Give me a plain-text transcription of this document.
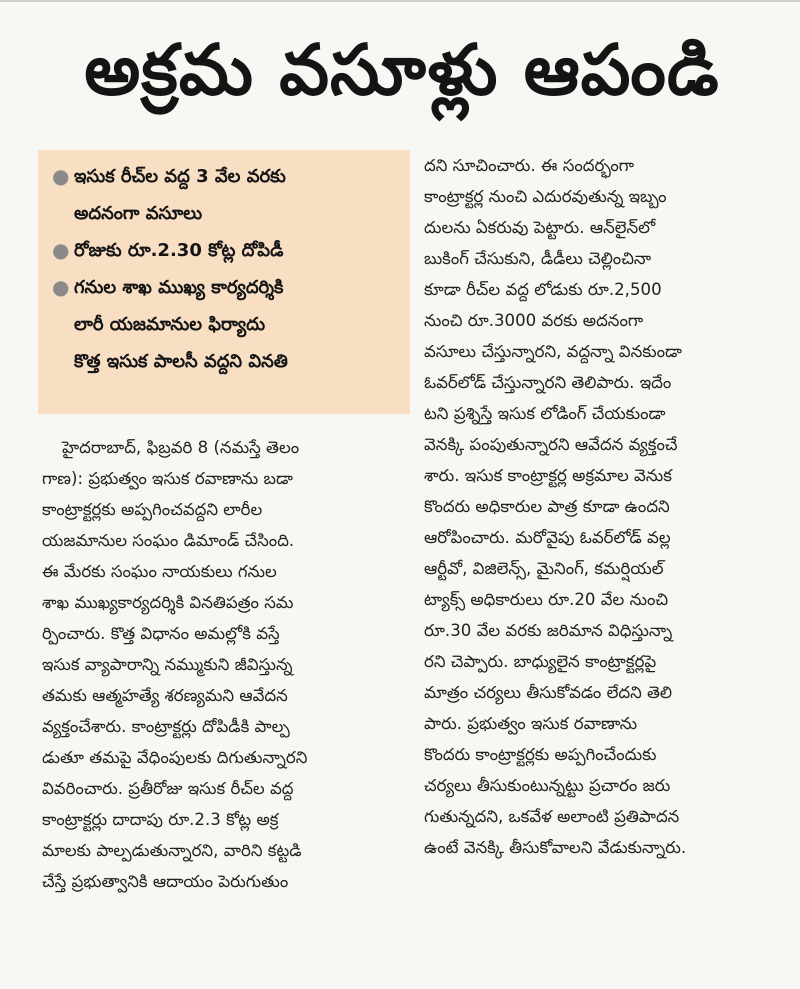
అక్రమ వసూళ్లు ఆపండి
● ఇసుక రీచ్‌ల వద్ద 3 వేల వరకు
అదనంగా వసూలు
● రోజుకు రూ.2.30 కోట్ల దోపిడీ
● గనుల శాఖ ముఖ్య కార్యదర్శికి
లారీ యజమానుల ఫిర్యాదు
కొత్త ఇసుక పాలసీ వద్దని వినతి
హైదరాబాద్, ఫిబ్రవరి 8 (నమస్తే తెలం
గాణ): ప్రభుత్వం ఇసుక రవాణాను బడా
కాంట్రాక్టర్లకు అప్పగించవద్దని లారీల
యజమానుల సంఘం డిమాండ్ చేసింది.
ఈ మేరకు సంఘం నాయకులు గనుల
శాఖ ముఖ్యకార్యదర్శికి వినతిపత్రం సమ
ర్పించారు. కొత్త విధానం అమల్లోకి వస్తే
ఇసుక వ్యాపారాన్ని నమ్ముకుని జీవిస్తున్న
తమకు ఆత్మహత్యే శరణ్యమని ఆవేదన
వ్యక్తంచేశారు. కాంట్రాక్టర్లు దోపిడీకి పాల్ప
డుతూ తమపై వేధింపులకు దిగుతున్నారని
వివరించారు. ప్రతీరోజు ఇసుక రీచ్‌ల వద్ద
కాంట్రాక్టర్లు దాదాపు రూ.2.3 కోట్ల అక్ర
మాలకు పాల్పడుతున్నారని, వారిని కట్టడి
చేస్తే ప్రభుత్వానికి ఆదాయం పెరుగుతుం
దని సూచించారు. ఈ సందర్భంగా
కాంట్రాక్టర్ల నుంచి ఎదురవుతున్న ఇబ్బం
దులను ఏకరువు పెట్టారు. ఆన్‌లైన్‌లో
బుకింగ్ చేసుకుని, డీడీలు చెల్లించినా
కూడా రీచ్‌ల వద్ద లోడుకు రూ.2,500
నుంచి రూ.3000 వరకు అదనంగా
వసూలు చేస్తున్నారని, వద్దన్నా వినకుండా
ఓవర్‌లోడ్ చేస్తున్నారని తెలిపారు. ఇదేం
టని ప్రశ్నిస్తే ఇసుక లోడింగ్ చేయకుండా
వెనక్కి పంపుతున్నారని ఆవేదన వ్యక్తంచే
శారు. ఇసుక కాంట్రాక్టర్ల అక్రమాల వెనుక
కొందరు అధికారుల పాత్ర కూడా ఉందని
ఆరోపించారు. మరోవైపు ఓవర్‌లోడ్ వల్ల
ఆర్టీవో, విజిలెన్స్, మైనింగ్, కమర్షియల్
ట్యాక్స్ అధికారులు రూ.20 వేల నుంచి
రూ.30 వేల వరకు జరిమాన విధిస్తున్నా
రని చెప్పారు. బాధ్యులైన కాంట్రాక్టర్లపై
మాత్రం చర్యలు తీసుకోవడం లేదని తెలి
పారు. ప్రభుత్వం ఇసుక రవాణాను
కొందరు కాంట్రాక్టర్లకు అప్పగించేందుకు
చర్యలు తీసుకుంటున్నట్టు ప్రచారం జరు
గుతున్నదని, ఒకవేళ అలాంటి ప్రతిపాదన
ఉంటే వెనక్కి తీసుకోవాలని వేడుకున్నారు.
